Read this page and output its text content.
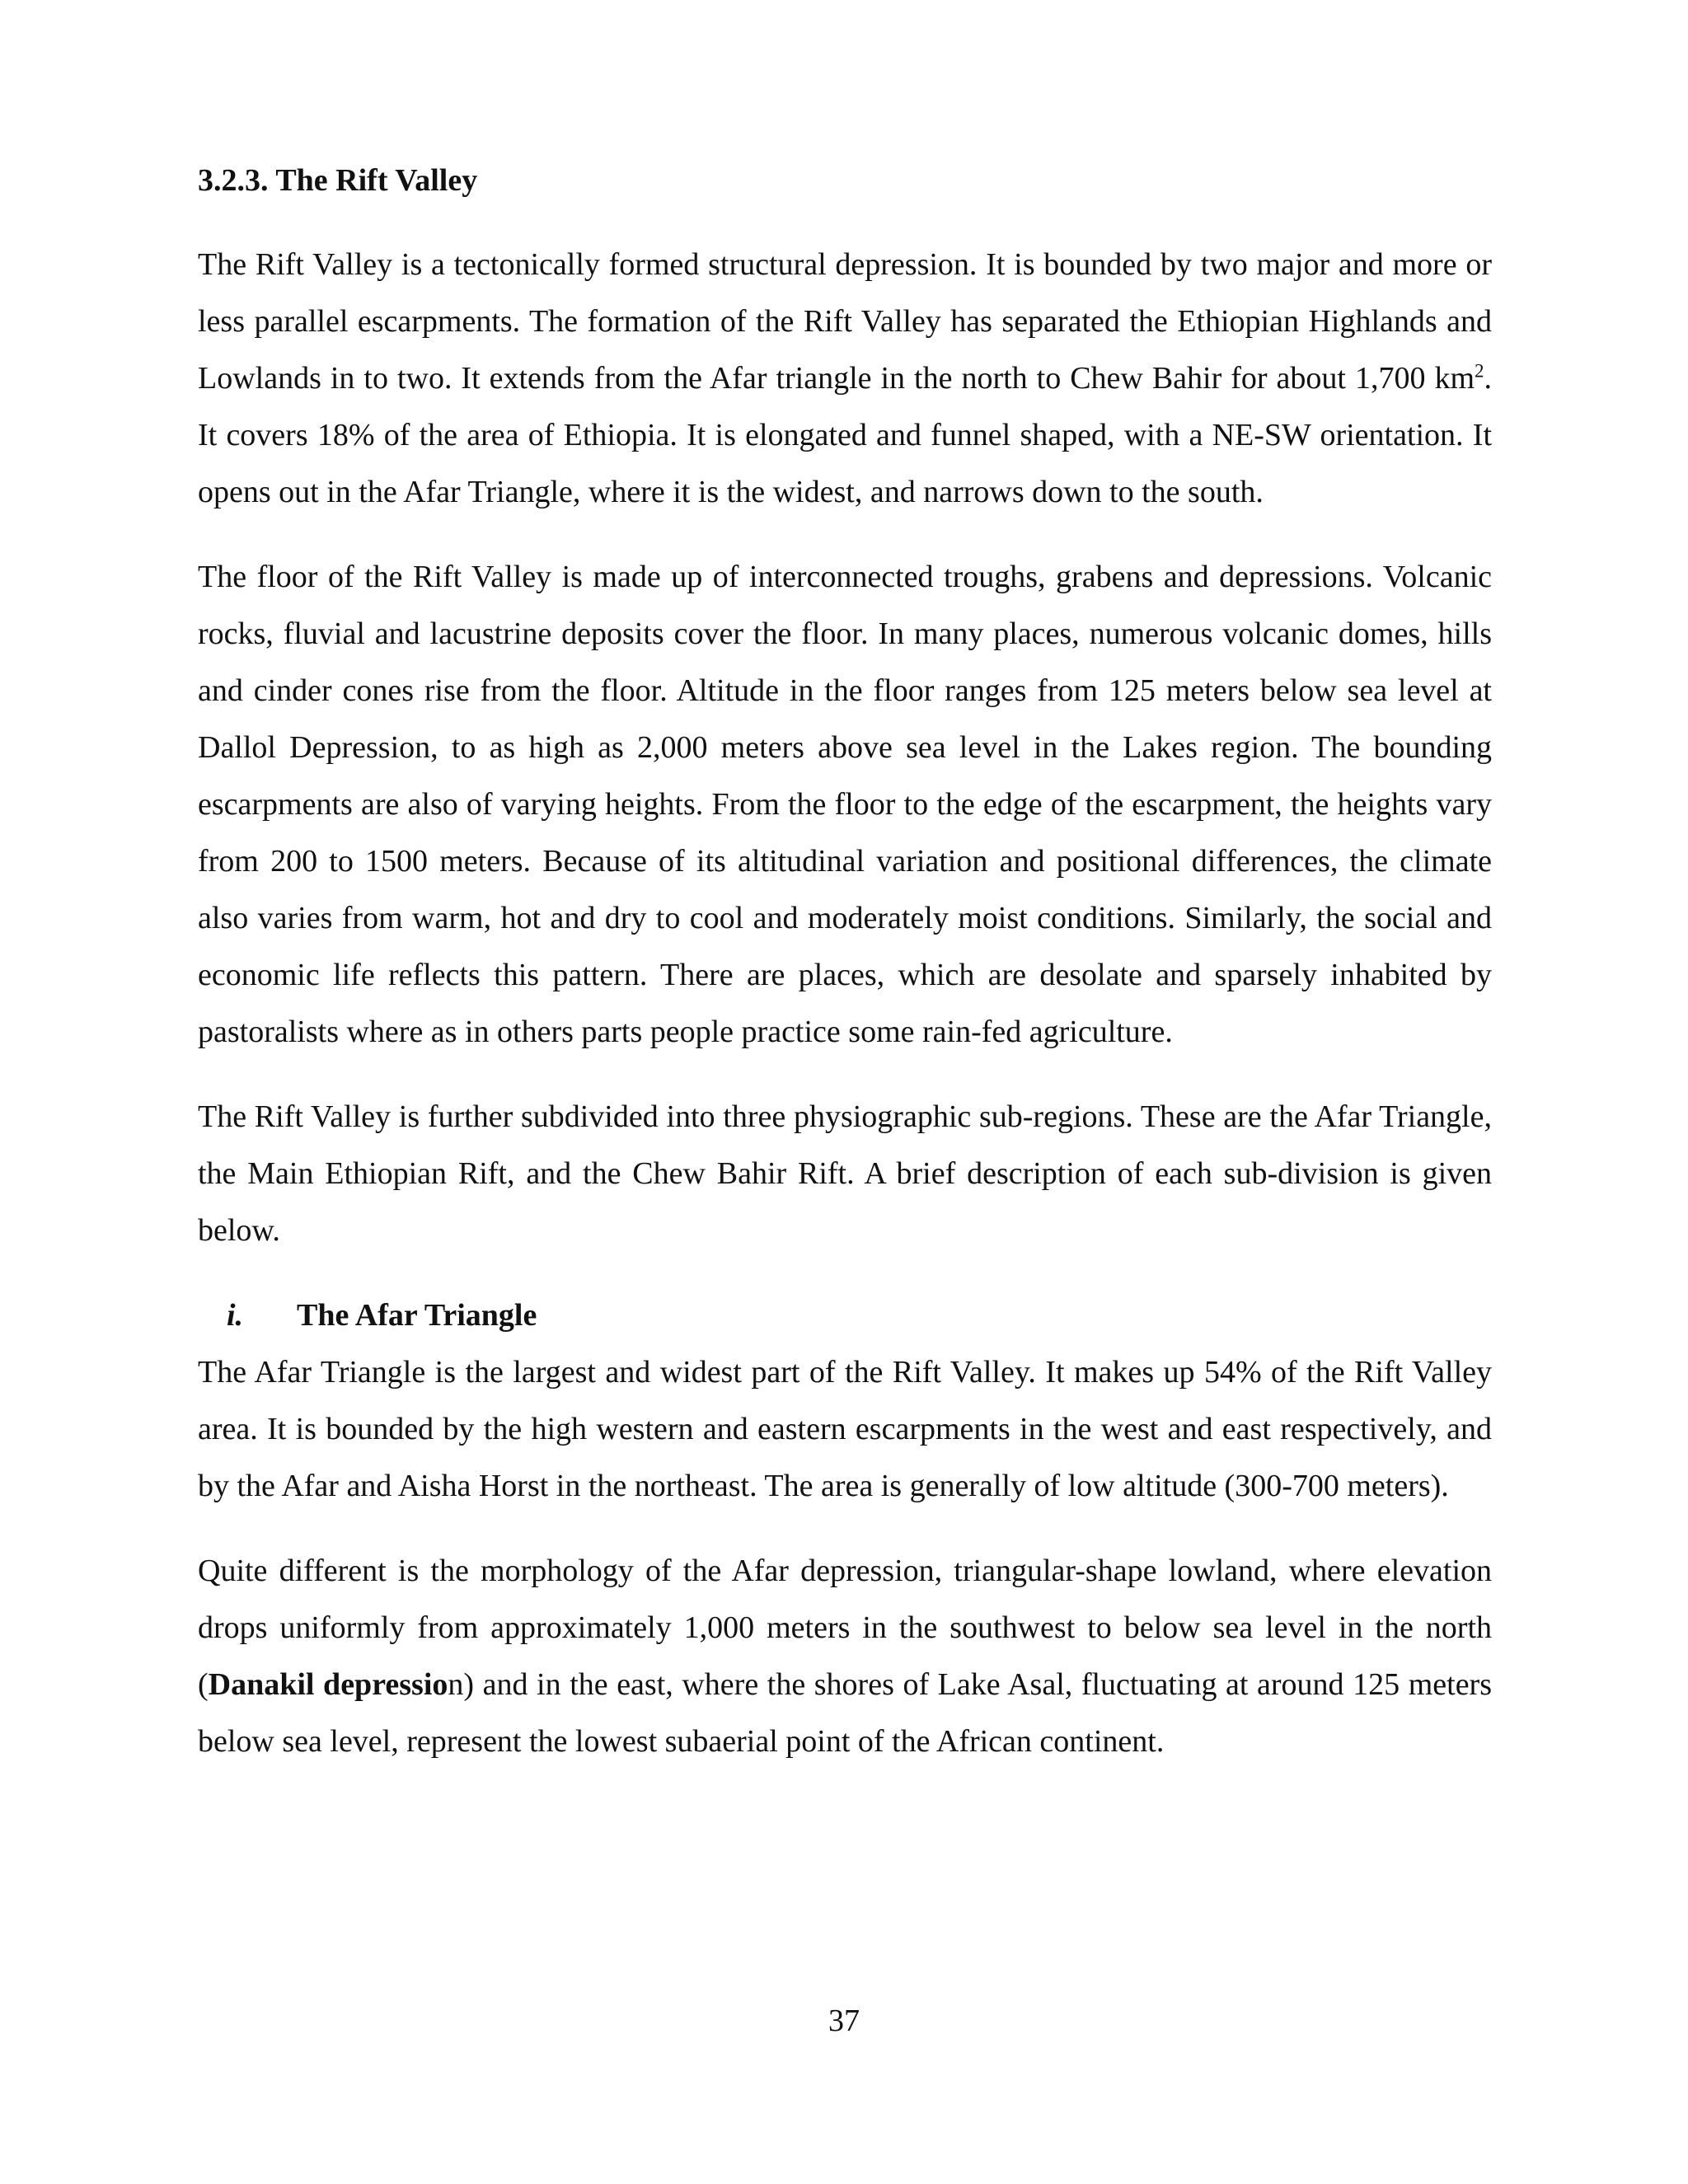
3.2.3. The Rift Valley

The Rift Valley is a tectonically formed structural depression. It is bounded by two major and more or less parallel escarpments. The formation of the Rift Valley has separated the Ethiopian Highlands and Lowlands in to two. It extends from the Afar triangle in the north to Chew Bahir for about 1,700 $km^2$. It covers 18% of the area of Ethiopia. It is elongated and funnel shaped, with a NE-SW orientation. It opens out in the Afar Triangle, where it is the widest, and narrows down to the south.

The floor of the Rift Valley is made up of interconnected troughs, grabens and depressions. Volcanic rocks, fluvial and lacustrine deposits cover the floor. In many places, numerous volcanic domes, hills and cinder cones rise from the floor. Altitude in the floor ranges from 125 meters below sea level at Dallol Depression, to as high as 2,000 meters above sea level in the Lakes region. The bounding escarpments are also of varying heights. From the floor to the edge of the escarpment, the heights vary from 200 to 1500 meters. Because of its altitudinal variation and positional differences, the climate also varies from warm, hot and dry to cool and moderately moist conditions. Similarly, the social and economic life reflects this pattern. There are places, which are desolate and sparsely inhabited by pastoralists where as in others parts people practice some rain-fed agriculture.

The Rift Valley is further subdivided into three physiographic sub-regions. These are the Afar Triangle, the Main Ethiopian Rift, and the Chew Bahir Rift. A brief description of each sub-division is given below.

i.	The Afar Triangle

The Afar Triangle is the largest and widest part of the Rift Valley. It makes up 54% of the Rift Valley area. It is bounded by the high western and eastern escarpments in the west and east respectively, and by the Afar and Aisha Horst in the northeast. The area is generally of low altitude (300-700 meters).

Quite different is the morphology of the Afar depression, triangular-shape lowland, where elevation drops uniformly from approximately 1,000 meters in the southwest to below sea level in the north (Danakil depression) and in the east, where the shores of Lake Asal, fluctuating at around 125 meters below sea level, represent the lowest subaerial point of the African continent.

37
